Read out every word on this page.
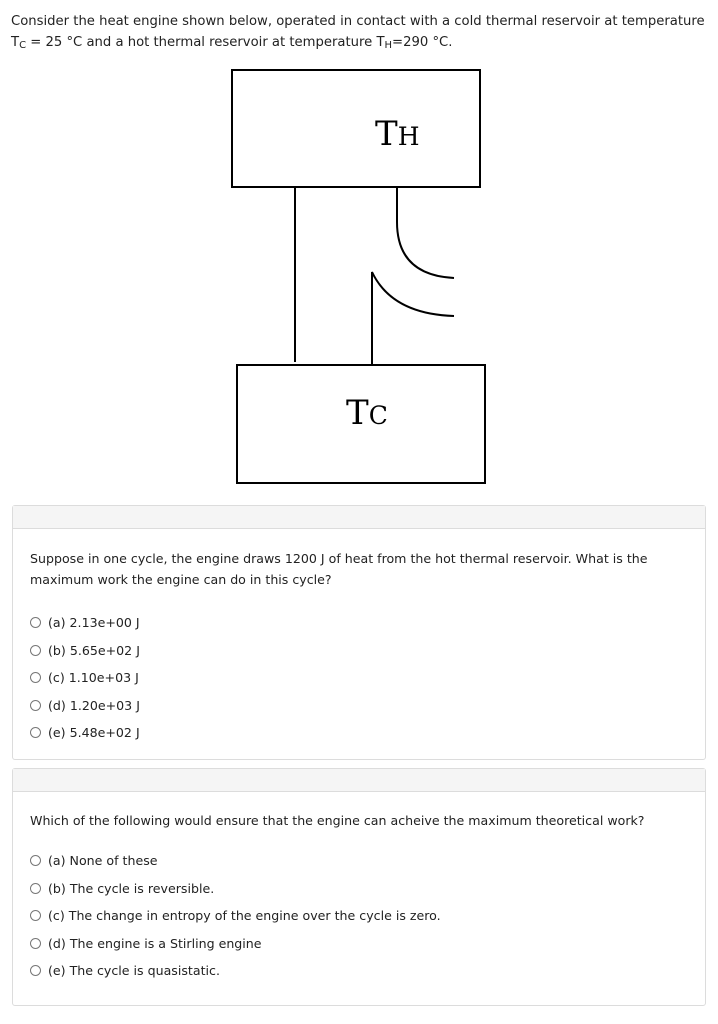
Consider the heat engine shown below, operated in contact with a cold thermal reservoir at temperature $T_C = 25$ °C and a hot thermal reservoir at temperature $T_H=290$ °C.
TH
TC
Suppose in one cycle, the engine draws 1200 J of heat from the hot thermal reservoir. What is the maximum work the engine can do in this cycle?
(a) 2.13e+00 J
(b) 5.65e+02 J
(c) 1.10e+03 J
(d) 1.20e+03 J
(e) 5.48e+02 J
Which of the following would ensure that the engine can acheive the maximum theoretical work?
(a) None of these
(b) The cycle is reversible.
(c) The change in entropy of the engine over the cycle is zero.
(d) The engine is a Stirling engine
(e) The cycle is quasistatic.
